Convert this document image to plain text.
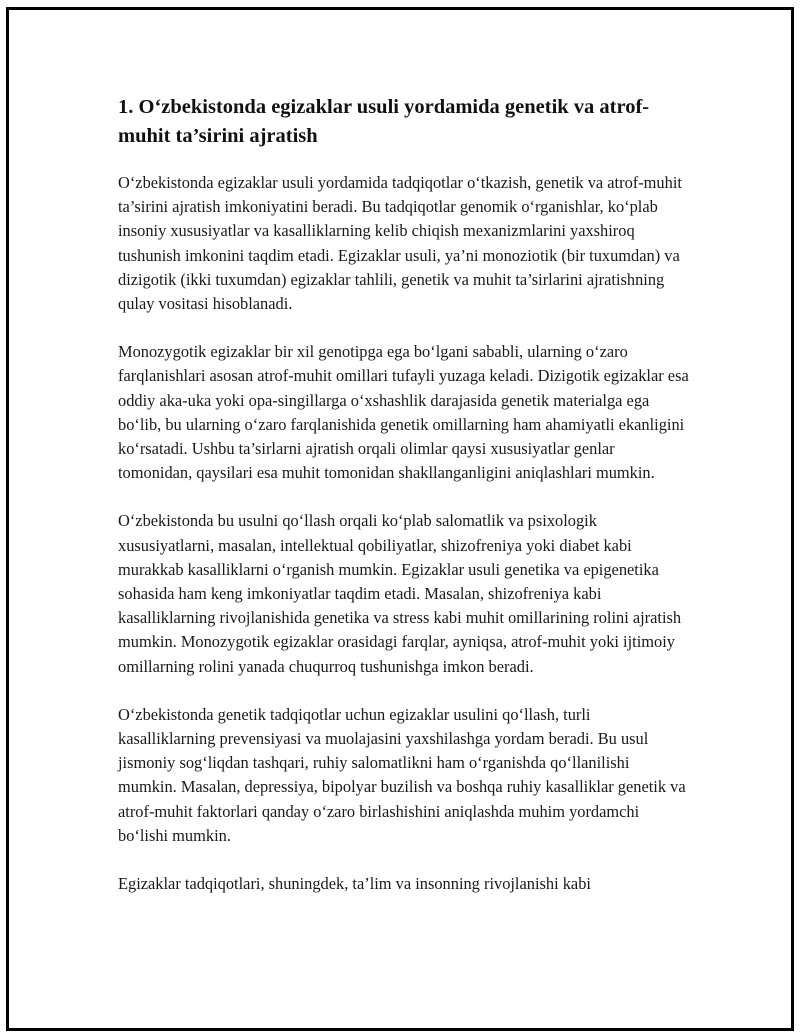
1. O‘zbekistonda egizaklar usuli yordamida genetik va atrof-muhit ta’sirini ajratish

O‘zbekistonda egizaklar usuli yordamida tadqiqotlar o‘tkazish, genetik va atrof-muhit ta’sirini ajratish imkoniyatini beradi. Bu tadqiqotlar genomik o‘rganishlar, ko‘plab insoniy xususiyatlar va kasalliklarning kelib chiqish mexanizmlarini yaxshiroq tushunish imkonini taqdim etadi. Egizaklar usuli, ya’ni monoziotik (bir tuxumdan) va dizigotik (ikki tuxumdan) egizaklar tahlili, genetik va muhit ta’sirlarini ajratishning qulay vositasi hisoblanadi.

Monozygotik egizaklar bir xil genotipga ega bo‘lgani sababli, ularning o‘zaro farqlanishlari asosan atrof-muhit omillari tufayli yuzaga keladi. Dizigotik egizaklar esa oddiy aka-uka yoki opa-singillarga o‘xshashlik darajasida genetik materialga ega bo‘lib, bu ularning o‘zaro farqlanishida genetik omillarning ham ahamiyatli ekanligini ko‘rsatadi. Ushbu ta’sirlarni ajratish orqali olimlar qaysi xususiyatlar genlar tomonidan, qaysilari esa muhit tomonidan shakllanganligini aniqlashlari mumkin.

O‘zbekistonda bu usulni qo‘llash orqali ko‘plab salomatlik va psixologik xususiyatlarni, masalan, intellektual qobiliyatlar, shizofreniya yoki diabet kabi murakkab kasalliklarni o‘rganish mumkin. Egizaklar usuli genetika va epigenetika sohasida ham keng imkoniyatlar taqdim etadi. Masalan, shizofreniya kabi kasalliklarning rivojlanishida genetika va stress kabi muhit omillarining rolini ajratish mumkin. Monozygotik egizaklar orasidagi farqlar, ayniqsa, atrof-muhit yoki ijtimoiy omillarning rolini yanada chuqurroq tushunishga imkon beradi.

O‘zbekistonda genetik tadqiqotlar uchun egizaklar usulini qo‘llash, turli kasalliklarning prevensiyasi va muolajasini yaxshilashga yordam beradi. Bu usul jismoniy sog‘liqdan tashqari, ruhiy salomatlikni ham o‘rganishda qo‘llanilishi mumkin. Masalan, depressiya, bipolyar buzilish va boshqa ruhiy kasalliklar genetik va atrof-muhit faktorlari qanday o‘zaro birlashishini aniqlashda muhim yordamchi bo‘lishi mumkin.

Egizaklar tadqiqotlari, shuningdek, ta’lim va insonning rivojlanishi kabi
